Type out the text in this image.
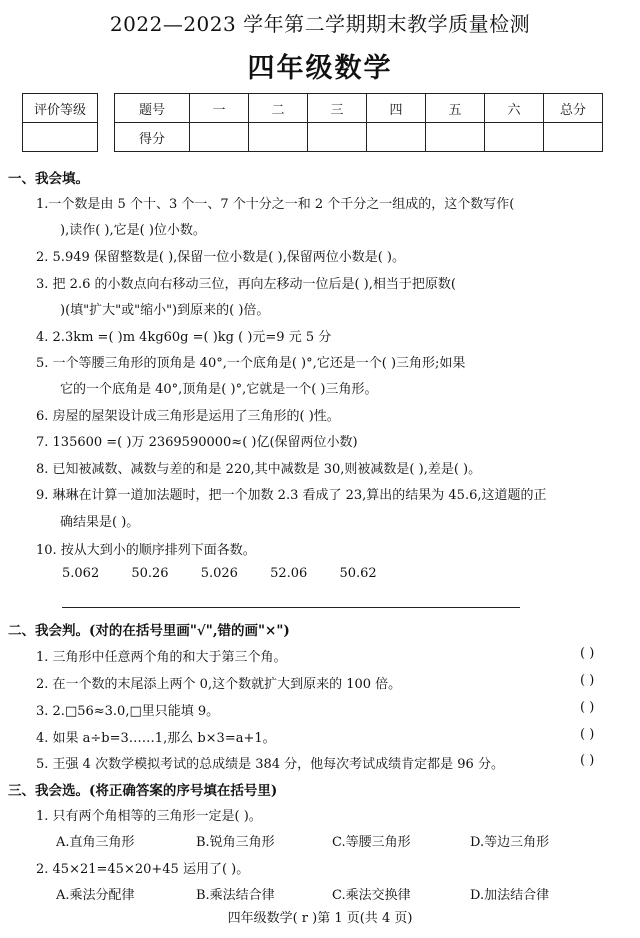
2022—2023 学年第二学期期末教学质量检测
四年级数学
评价等级	题号	一	二	三	四	五	六	总分
得分							
一、我会填。
1.一个数是由 5 个十、3 个一、7 个十分之一和 2 个千分之一组成的，这个数写作(
),读作( ),它是( )位小数。
2. 5.949 保留整数是( ),保留一位小数是( ),保留两位小数是( )。
3. 把 2.6 的小数点向右移动三位，再向左移动一位后是( ),相当于把原数(
)(填"扩大"或"缩小")到原来的( )倍。
4. 2.3km =( )m 4kg60g =( )kg ( )元=9 元 5 分
5. 一个等腰三角形的顶角是 40°,一个底角是( )°,它还是一个( )三角形;如果
它的一个底角是 40°,顶角是( )°,它就是一个( )三角形。
6. 房屋的屋架设计成三角形是运用了三角形的( )性。
7. 135600 =( )万 2369590000≈( )亿(保留两位小数)
8. 已知被减数、减数与差的和是 220,其中减数是 30,则被减数是( ),差是( )。
9. 琳琳在计算一道加法题时，把一个加数 2.3 看成了 23,算出的结果为 45.6,这道题的正
确结果是( )。
10. 按从大到小的顺序排列下面各数。
5.062 50.26 5.026 52.06 50.62
二、我会判。(对的在括号里画"√",错的画"×")
1. 三角形中任意两个角的和大于第三个角。	( )
2. 在一个数的末尾添上两个 0,这个数就扩大到原来的 100 倍。	( )
3. 2.□56≈3.0,□里只能填 9。	( )
4. 如果 a÷b=3……1,那么 b×3=a+1。	( )
5. 王强 4 次数学模拟考试的总成绩是 384 分，他每次考试成绩肯定都是 96 分。	( )
三、我会选。(将正确答案的序号填在括号里)
1. 只有两个角相等的三角形一定是( )。
A.直角三角形	B.锐角三角形	C.等腰三角形	D.等边三角形
2. 45×21=45×20+45 运用了( )。
A.乘法分配律	B.乘法结合律	C.乘法交换律	D.加法结合律
四年级数学( r )第 1 页(共 4 页)
